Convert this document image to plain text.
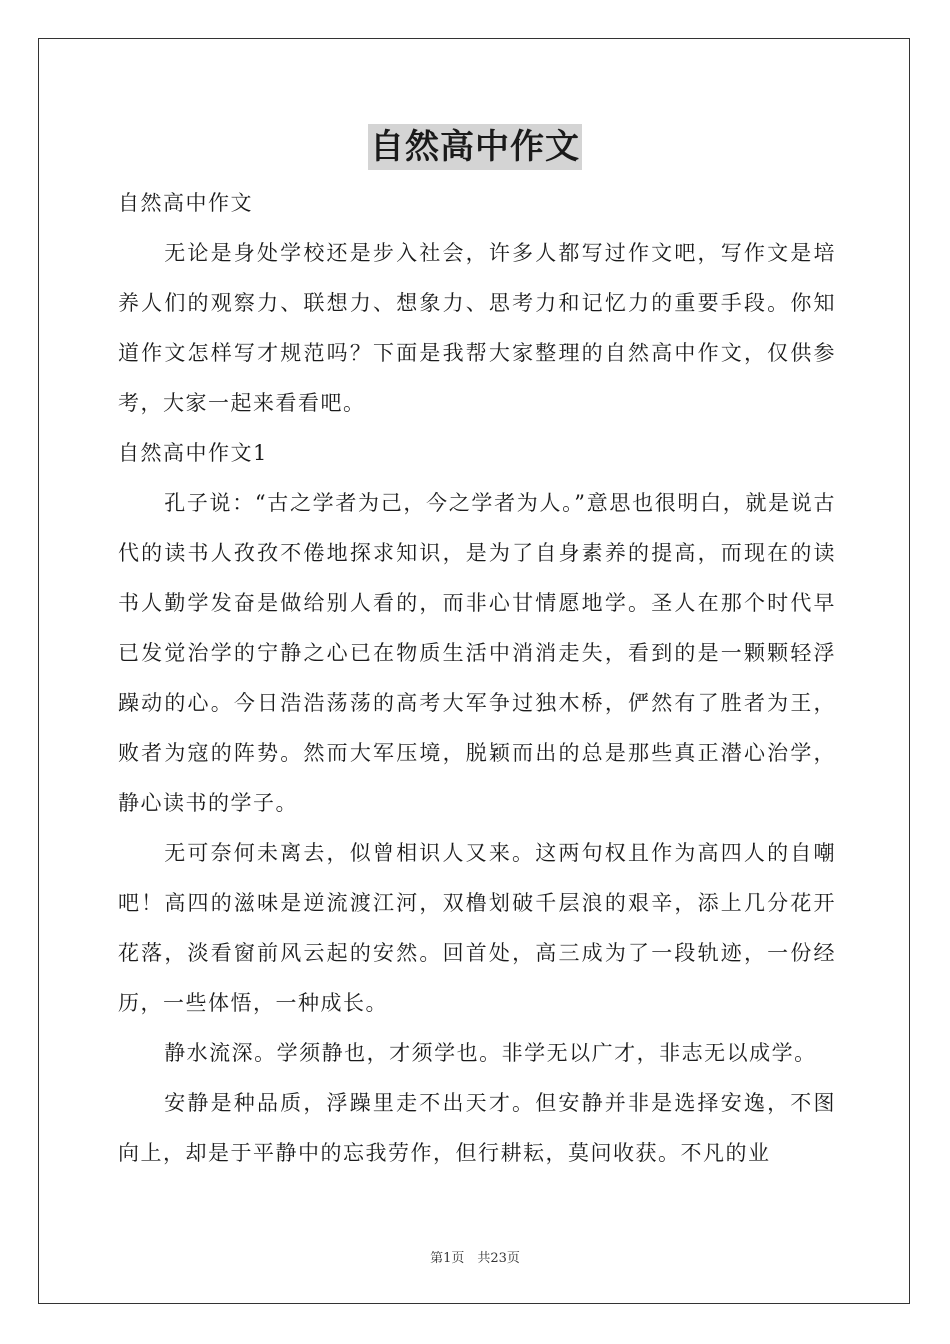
自然高中作文

自然高中作文

无论是身处学校还是步入社会，许多人都写过作文吧，写作文是培养人们的观察力、联想力、想象力、思考力和记忆力的重要手段。你知道作文怎样写才规范吗？下面是我帮大家整理的自然高中作文，仅供参考，大家一起来看看吧。

自然高中作文1

孔子说：“古之学者为己，今之学者为人。”意思也很明白，就是说古代的读书人孜孜不倦地探求知识，是为了自身素养的提高，而现在的读书人勤学发奋是做给别人看的，而非心甘情愿地学。圣人在那个时代早已发觉治学的宁静之心已在物质生活中消消走失，看到的是一颗颗轻浮躁动的心。今日浩浩荡荡的高考大军争过独木桥，俨然有了胜者为王，败者为寇的阵势。然而大军压境，脱颖而出的总是那些真正潜心治学，静心读书的学子。

无可奈何未离去，似曾相识人又来。这两句权且作为高四人的自嘲吧！高四的滋味是逆流渡江河，双橹划破千层浪的艰辛，添上几分花开花落，淡看窗前风云起的安然。回首处，高三成为了一段轨迹，一份经历，一些体悟，一种成长。

静水流深。学须静也，才须学也。非学无以广才，非志无以成学。

安静是种品质，浮躁里走不出天才。但安静并非是选择安逸，不图向上，却是于平静中的忘我劳作，但行耕耘，莫问收获。不凡的业

第1页　共23页
